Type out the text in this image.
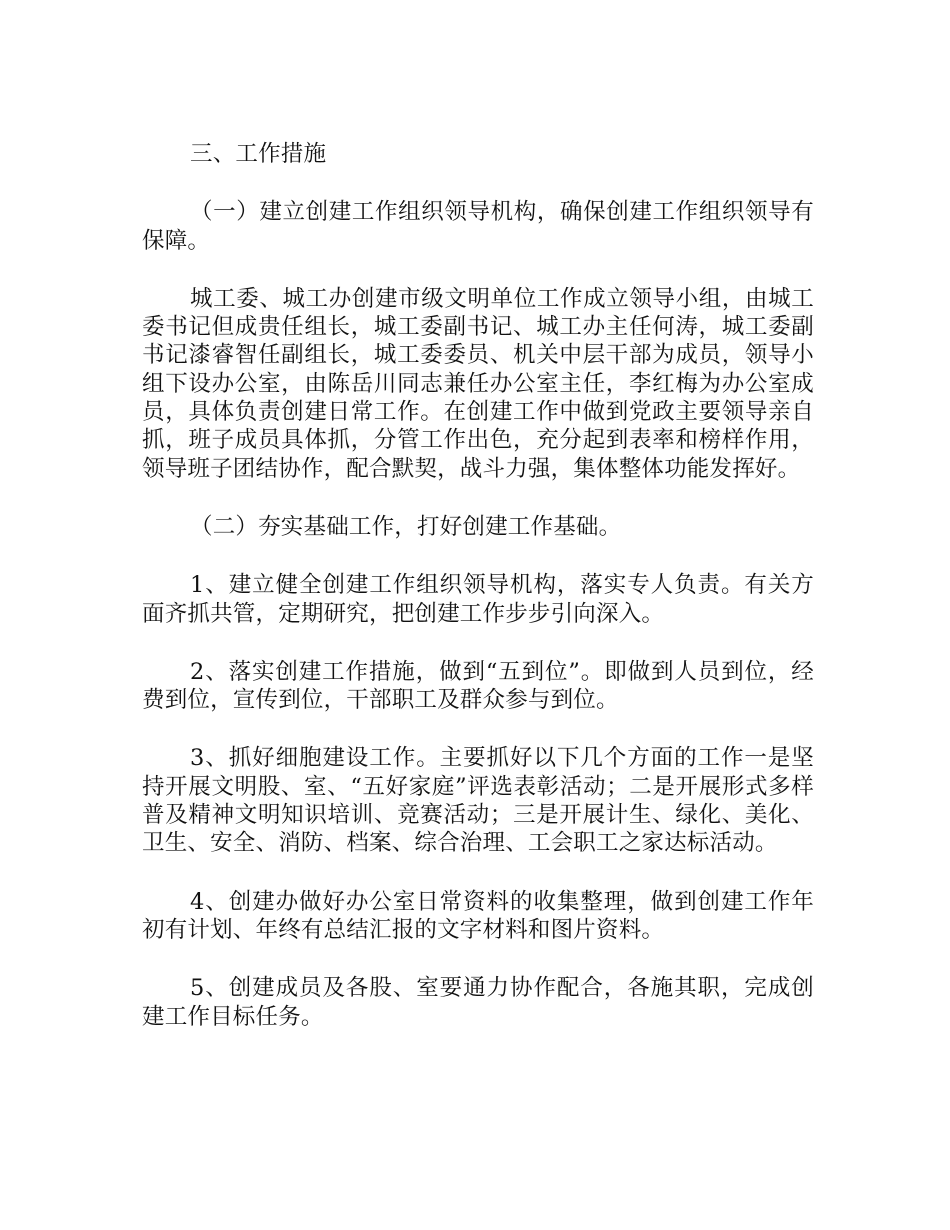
三、工作措施

（一）建立创建工作组织领导机构，确保创建工作组织领导有保障。

城工委、城工办创建市级文明单位工作成立领导小组，由城工委书记但成贵任组长，城工委副书记、城工办主任何涛，城工委副书记漆睿智任副组长，城工委委员、机关中层干部为成员，领导小组下设办公室，由陈岳川同志兼任办公室主任，李红梅为办公室成员，具体负责创建日常工作。在创建工作中做到党政主要领导亲自抓，班子成员具体抓，分管工作出色，充分起到表率和榜样作用，领导班子团结协作，配合默契，战斗力强，集体整体功能发挥好。

（二）夯实基础工作，打好创建工作基础。

1、建立健全创建工作组织领导机构，落实专人负责。有关方面齐抓共管，定期研究，把创建工作步步引向深入。

2、落实创建工作措施，做到“五到位”。即做到人员到位，经费到位，宣传到位，干部职工及群众参与到位。

3、抓好细胞建设工作。主要抓好以下几个方面的工作一是坚持开展文明股、室、“五好家庭”评选表彰活动；二是开展形式多样普及精神文明知识培训、竞赛活动；三是开展计生、绿化、美化、卫生、安全、消防、档案、综合治理、工会职工之家达标活动。

4、创建办做好办公室日常资料的收集整理，做到创建工作年初有计划、年终有总结汇报的文字材料和图片资料。

5、创建成员及各股、室要通力协作配合，各施其职，完成创建工作目标任务。
